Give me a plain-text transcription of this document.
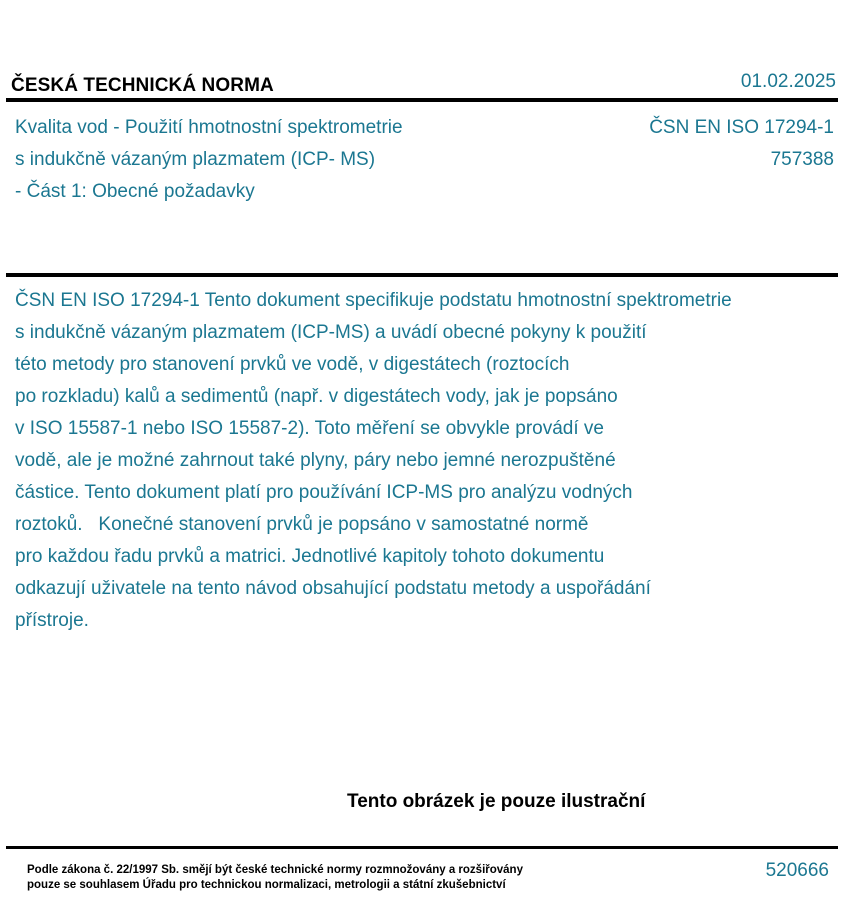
ČESKÁ TECHNICKÁ NORMA	01.02.2025
Kvalita vod - Použití hmotnostní spektrometrie
s indukčně vázaným plazmatem (ICP- MS)
- Část 1: Obecné požadavky
ČSN EN ISO 17294-1
757388
ČSN EN ISO 17294-1 Tento dokument specifikuje podstatu hmotnostní spektrometrie
s indukčně vázaným plazmatem (ICP-MS) a uvádí obecné pokyny k použití
této metody pro stanovení prvků ve vodě, v digestátech (roztocích
po rozkladu) kalů a sedimentů (např. v digestátech vody, jak je popsáno
v ISO 15587-1 nebo ISO 15587-2). Toto měření se obvykle provádí ve
vodě, ale je možné zahrnout také plyny, páry nebo jemné nerozpuštěné
částice. Tento dokument platí pro používání ICP-MS pro analýzu vodných
roztoků.   Konečné stanovení prvků je popsáno v samostatné normě
pro každou řadu prvků a matrici. Jednotlivé kapitoly tohoto dokumentu
odkazují uživatele na tento návod obsahující podstatu metody a uspořádání
přístroje.
Tento obrázek je pouze ilustrační
Podle zákona č. 22/1997 Sb. smějí být české technické normy rozmnožovány a rozšiřovány
pouze se souhlasem Úřadu pro technickou normalizaci, metrologii a státní zkušebnictví
520666
